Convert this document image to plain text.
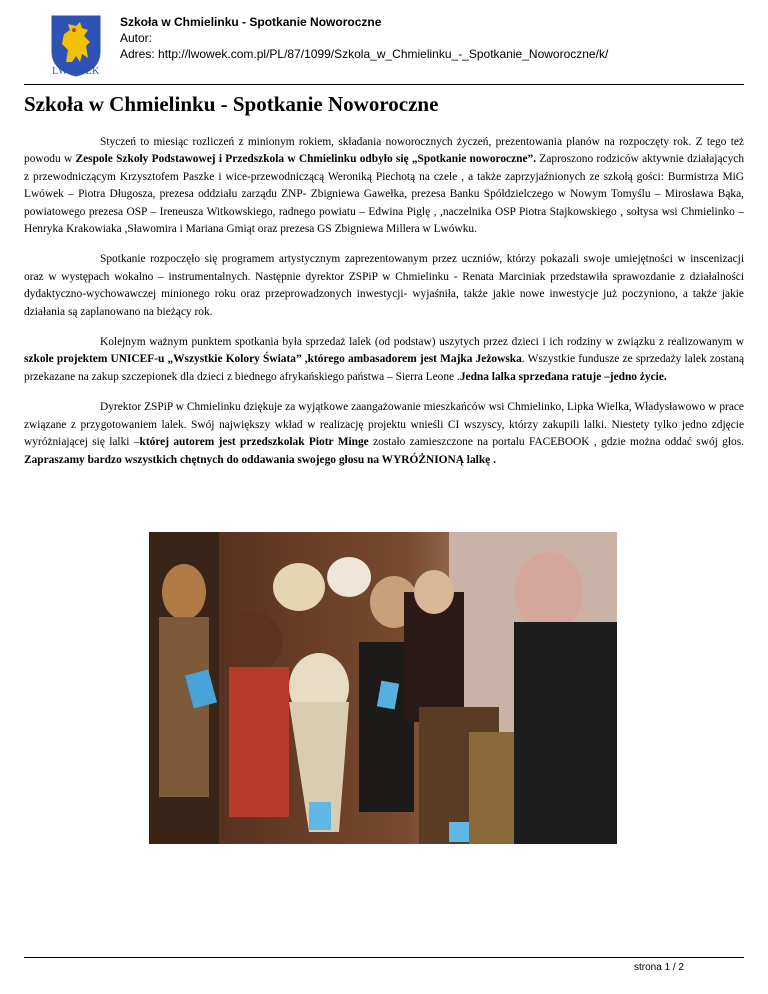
LWÓWEK
Szkoła w Chmielinku - Spotkanie Noworoczne
Autor:
Adres: http://lwowek.com.pl/PL/87/1099/Szkola_w_Chmielinku_-_Spotkanie_Noworoczne/k/
Szkoła w Chmielinku - Spotkanie Noworoczne

Styczeń to miesiąc rozliczeń z minionym rokiem, składania noworocznych życzeń, prezentowania planów na rozpoczęty rok. Z tego też powodu w Zespole Szkoły Podstawowej i Przedszkola w Chmielinku odbyło się „Spotkanie noworoczne”. Zaproszono rodziców aktywnie działających z przewodniczącym Krzysztofem Paszke i wice-przewodniczącą Weroniką Piechotą na czele , a także zaprzyjaźnionych ze szkołą gości: Burmistrza MiG Lwówek – Piotra Długosza, prezesa oddziału zarządu ZNP- Zbigniewa Gawełka, prezesa Banku Spółdzielczego w Nowym Tomyślu – Mirosława Bąka, powiatowego prezesa OSP – Ireneusza Witkowskiego, radnego powiatu – Edwina Piglę , ,naczelnika OSP Piotra Stajkowskiego , sołtysa wsi Chmielinko – Henryka Krakowiaka ,Sławomira i Mariana Gmiąt oraz prezesa GS Zbigniewa Millera w Lwówku.

Spotkanie rozpoczęło się programem artystycznym zaprezentowanym przez uczniów, którzy pokazali swoje umiejętności w inscenizacji oraz w występach wokalno – instrumentalnych. Następnie dyrektor ZSPiP w Chmielinku - Renata Marciniak przedstawiła sprawozdanie z działalności dydaktyczno-wychowawczej minionego roku oraz przeprowadzonych inwestycji- wyjaśniła, także jakie nowe inwestycje już poczyniono, a także jakie działania są zaplanowano na bieżący rok.

Kolejnym ważnym punktem spotkania była sprzedaż lalek (od podstaw) uszytych przez dzieci i ich rodziny w związku z realizowanym w szkole projektem UNICEF-u „Wszystkie Kolory Świata” ,którego ambasadorem jest Majka Jeżowska. Wszystkie fundusze ze sprzedaży lalek zostaną przekazane na zakup szczepionek dla dzieci z biednego afrykańskiego państwa – Sierra Leone .Jedna lalka sprzedana ratuje –jedno życie.

Dyrektor ZSPiP w Chmielinku dziękuje za wyjątkowe zaangażowanie mieszkańców wsi Chmielinko, Lipka Wielka, Władysławowo w prace związane z przygotowaniem lalek. Swój największy wkład w realizację projektu wnieśli CI wszyscy, którzy zakupili lalki. Niestety tylko jedno zdjęcie wyróżniającej się lalki –której autorem jest przedszkolak Piotr Minge zostało zamieszczone na portalu FACEBOOK , gdzie można oddać swój głos. Zapraszamy bardzo wszystkich chętnych do oddawania swojego głosu na WYRÓŻNIONĄ lalkę .

strona 1 / 2
